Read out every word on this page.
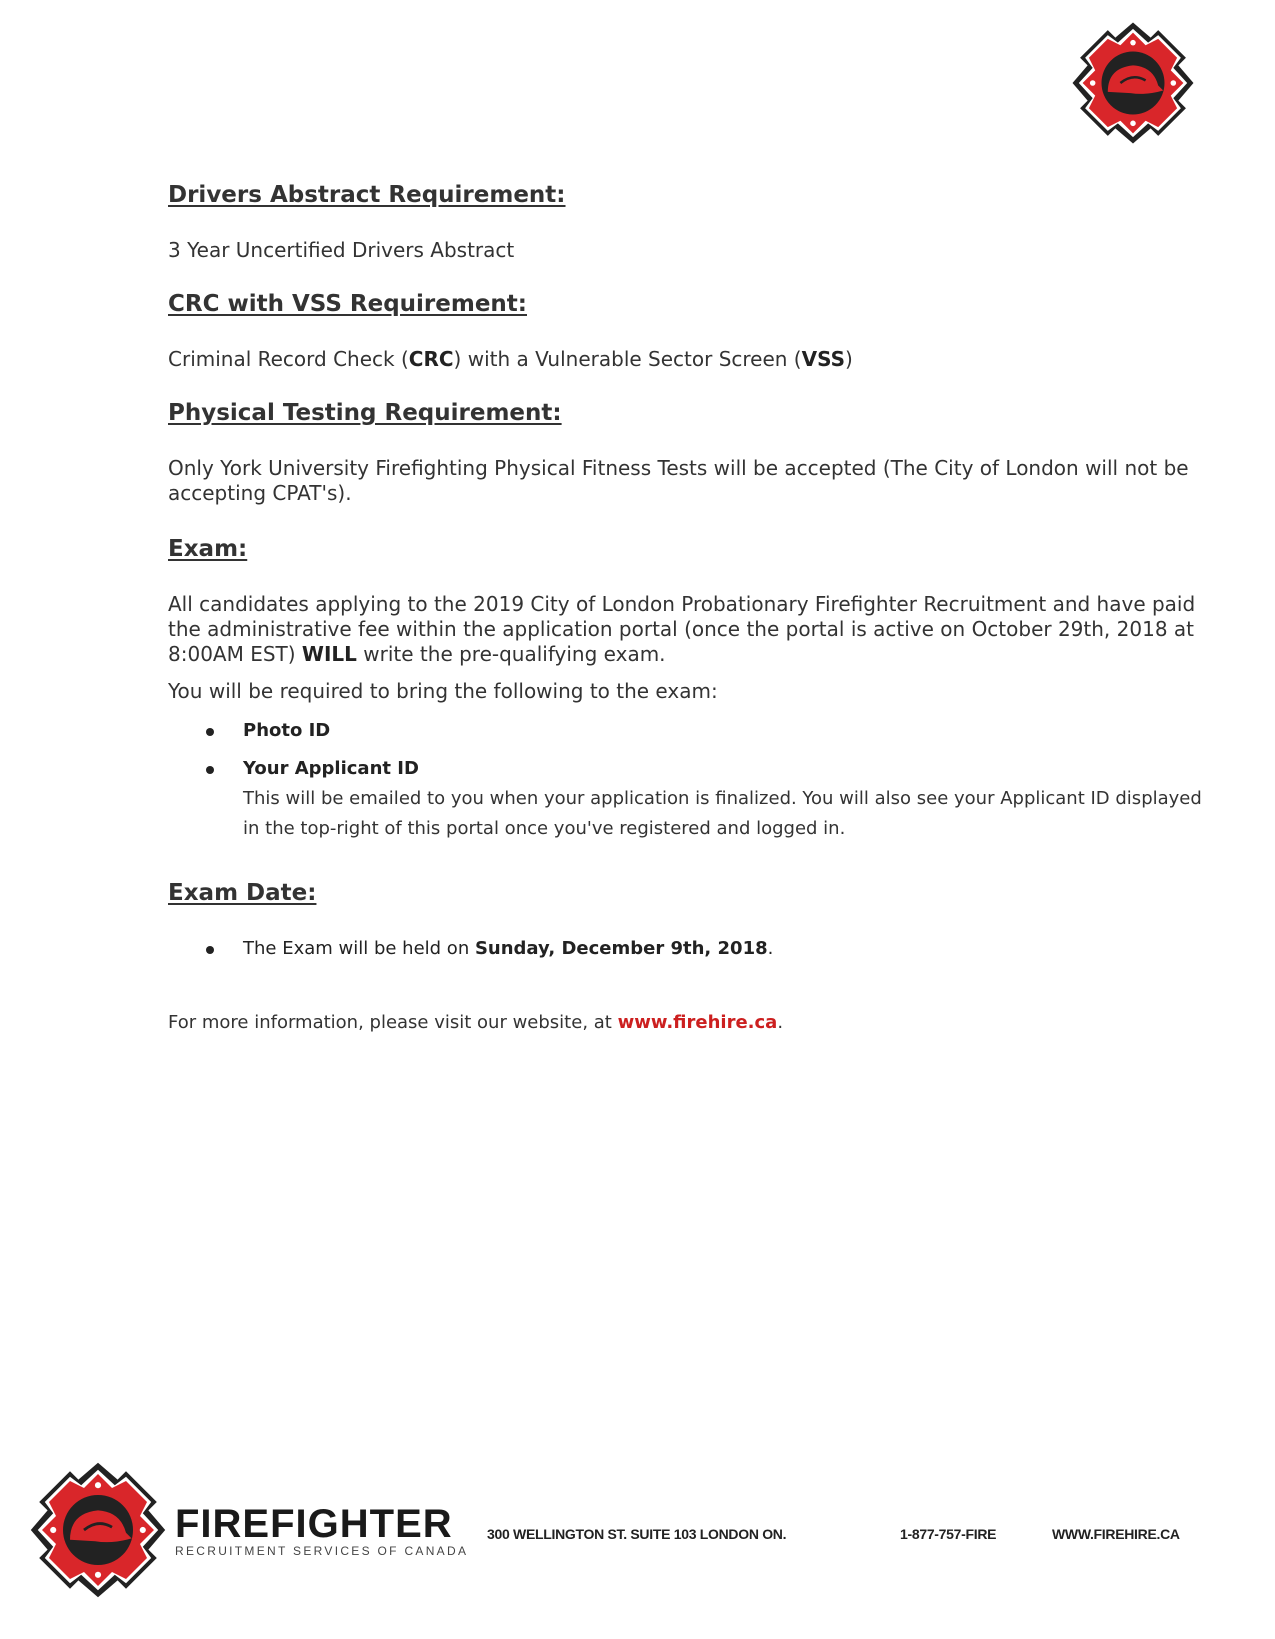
Drivers Abstract Requirement:

3 Year Uncertified Drivers Abstract

CRC with VSS Requirement:

Criminal Record Check (CRC) with a Vulnerable Sector Screen (VSS)

Physical Testing Requirement:

Only York University Firefighting Physical Fitness Tests will be accepted (The City of London will not be accepting CPAT's).

Exam:

All candidates applying to the 2019 City of London Probationary Firefighter Recruitment and have paid the administrative fee within the application portal (once the portal is active on October 29th, 2018 at 8:00AM EST) WILL write the pre-qualifying exam.

You will be required to bring the following to the exam:

Photo ID
Your Applicant ID
This will be emailed to you when your application is finalized. You will also see your Applicant ID displayed in the top-right of this portal once you've registered and logged in.
Exam Date:
The Exam will be held on Sunday, December 9th, 2018.

For more information, please visit our website, at www.firehire.ca.

FIREFIGHTER
RECRUITMENT SERVICES OF CANADA
300 WELLINGTON ST. SUITE 103 LONDON ON.	1-877-757-FIRE	WWW.FIREHIRE.CA
